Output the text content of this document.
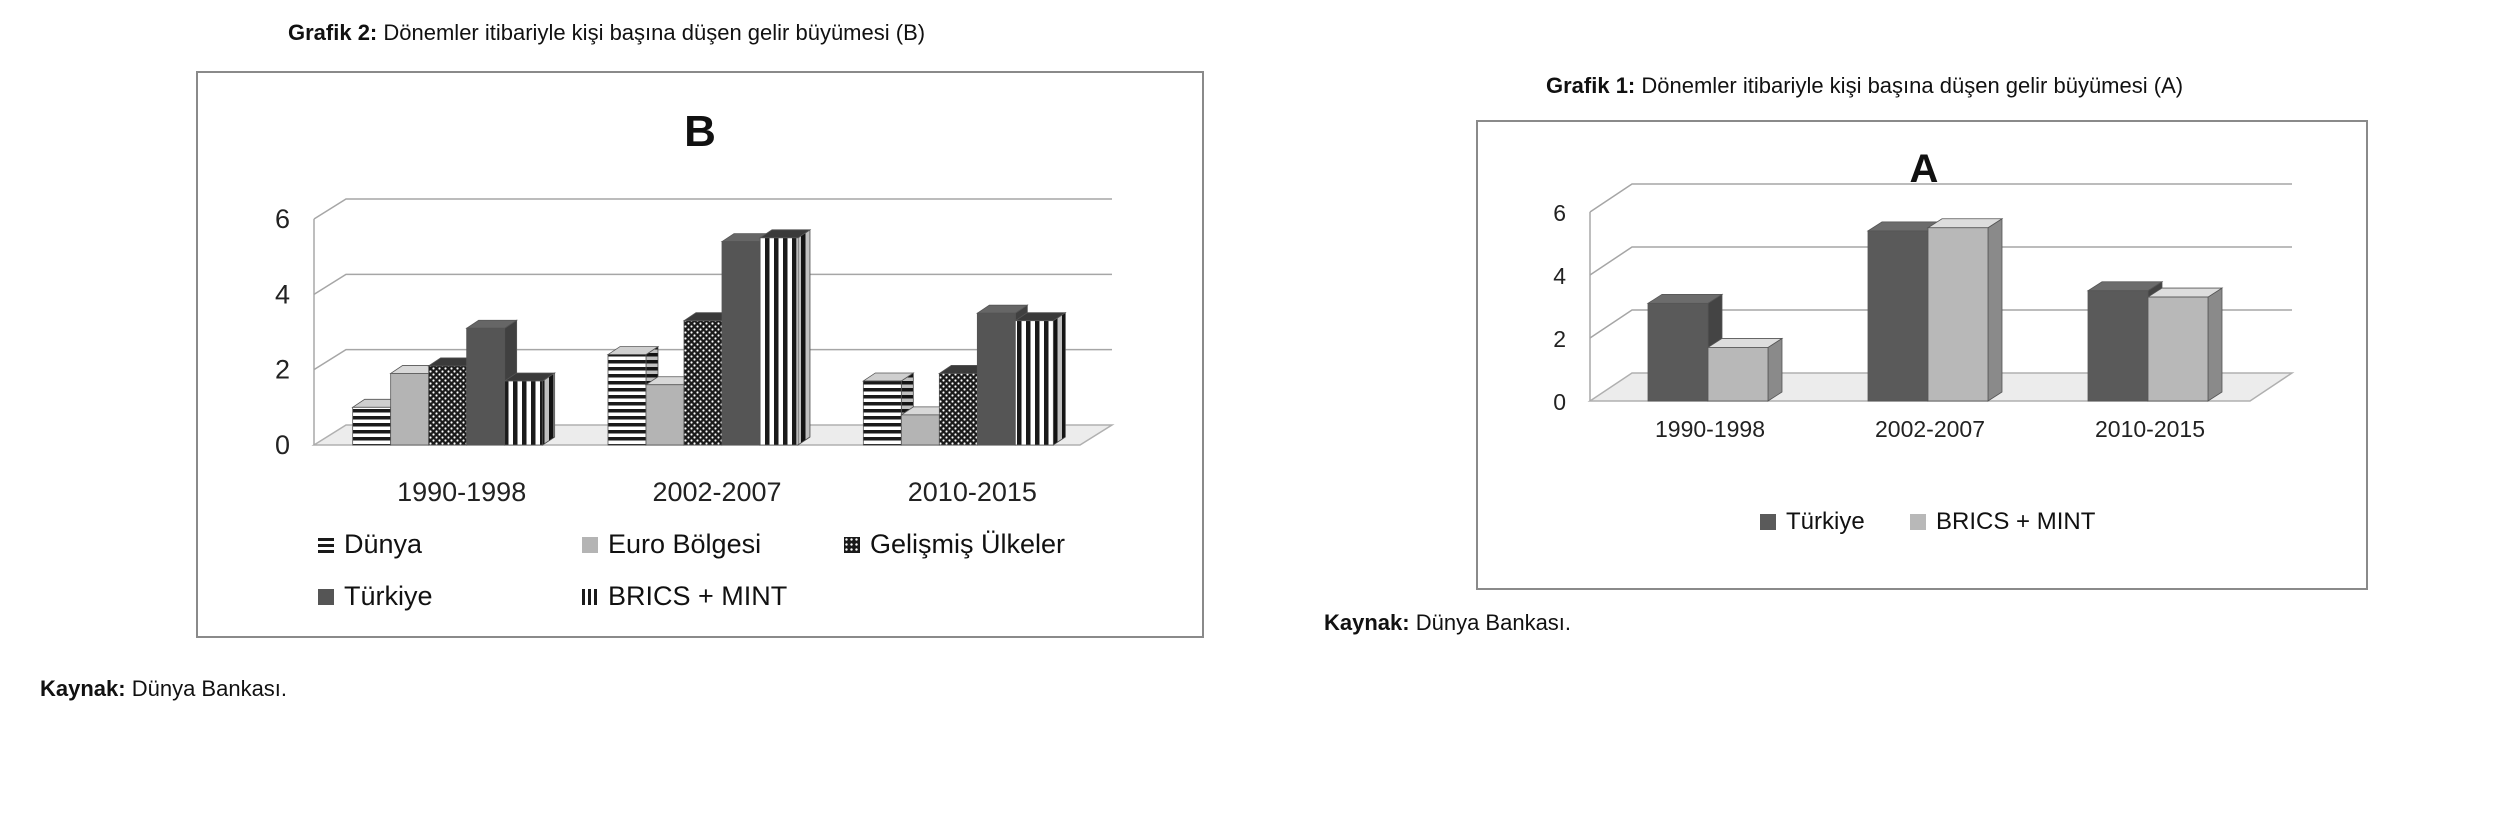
Grafik 2: Dönemler itibariyle kişi başına düşen gelir büyümesi (B)
0
2
4
6
1990-1998	2002-2007	2010-2015
B
Dünya	Euro Bölgesi	Gelişmiş Ülkeler
Türkiye	BRICS + MINT
Kaynak: Dünya Bankası.
Grafik 1: Dönemler itibariyle kişi başına düşen gelir büyümesi (A)
0
2
4
6
1990-1998	2002-2007	2010-2015
A
Türkiye	BRICS + MINT
Kaynak: Dünya Bankası.
